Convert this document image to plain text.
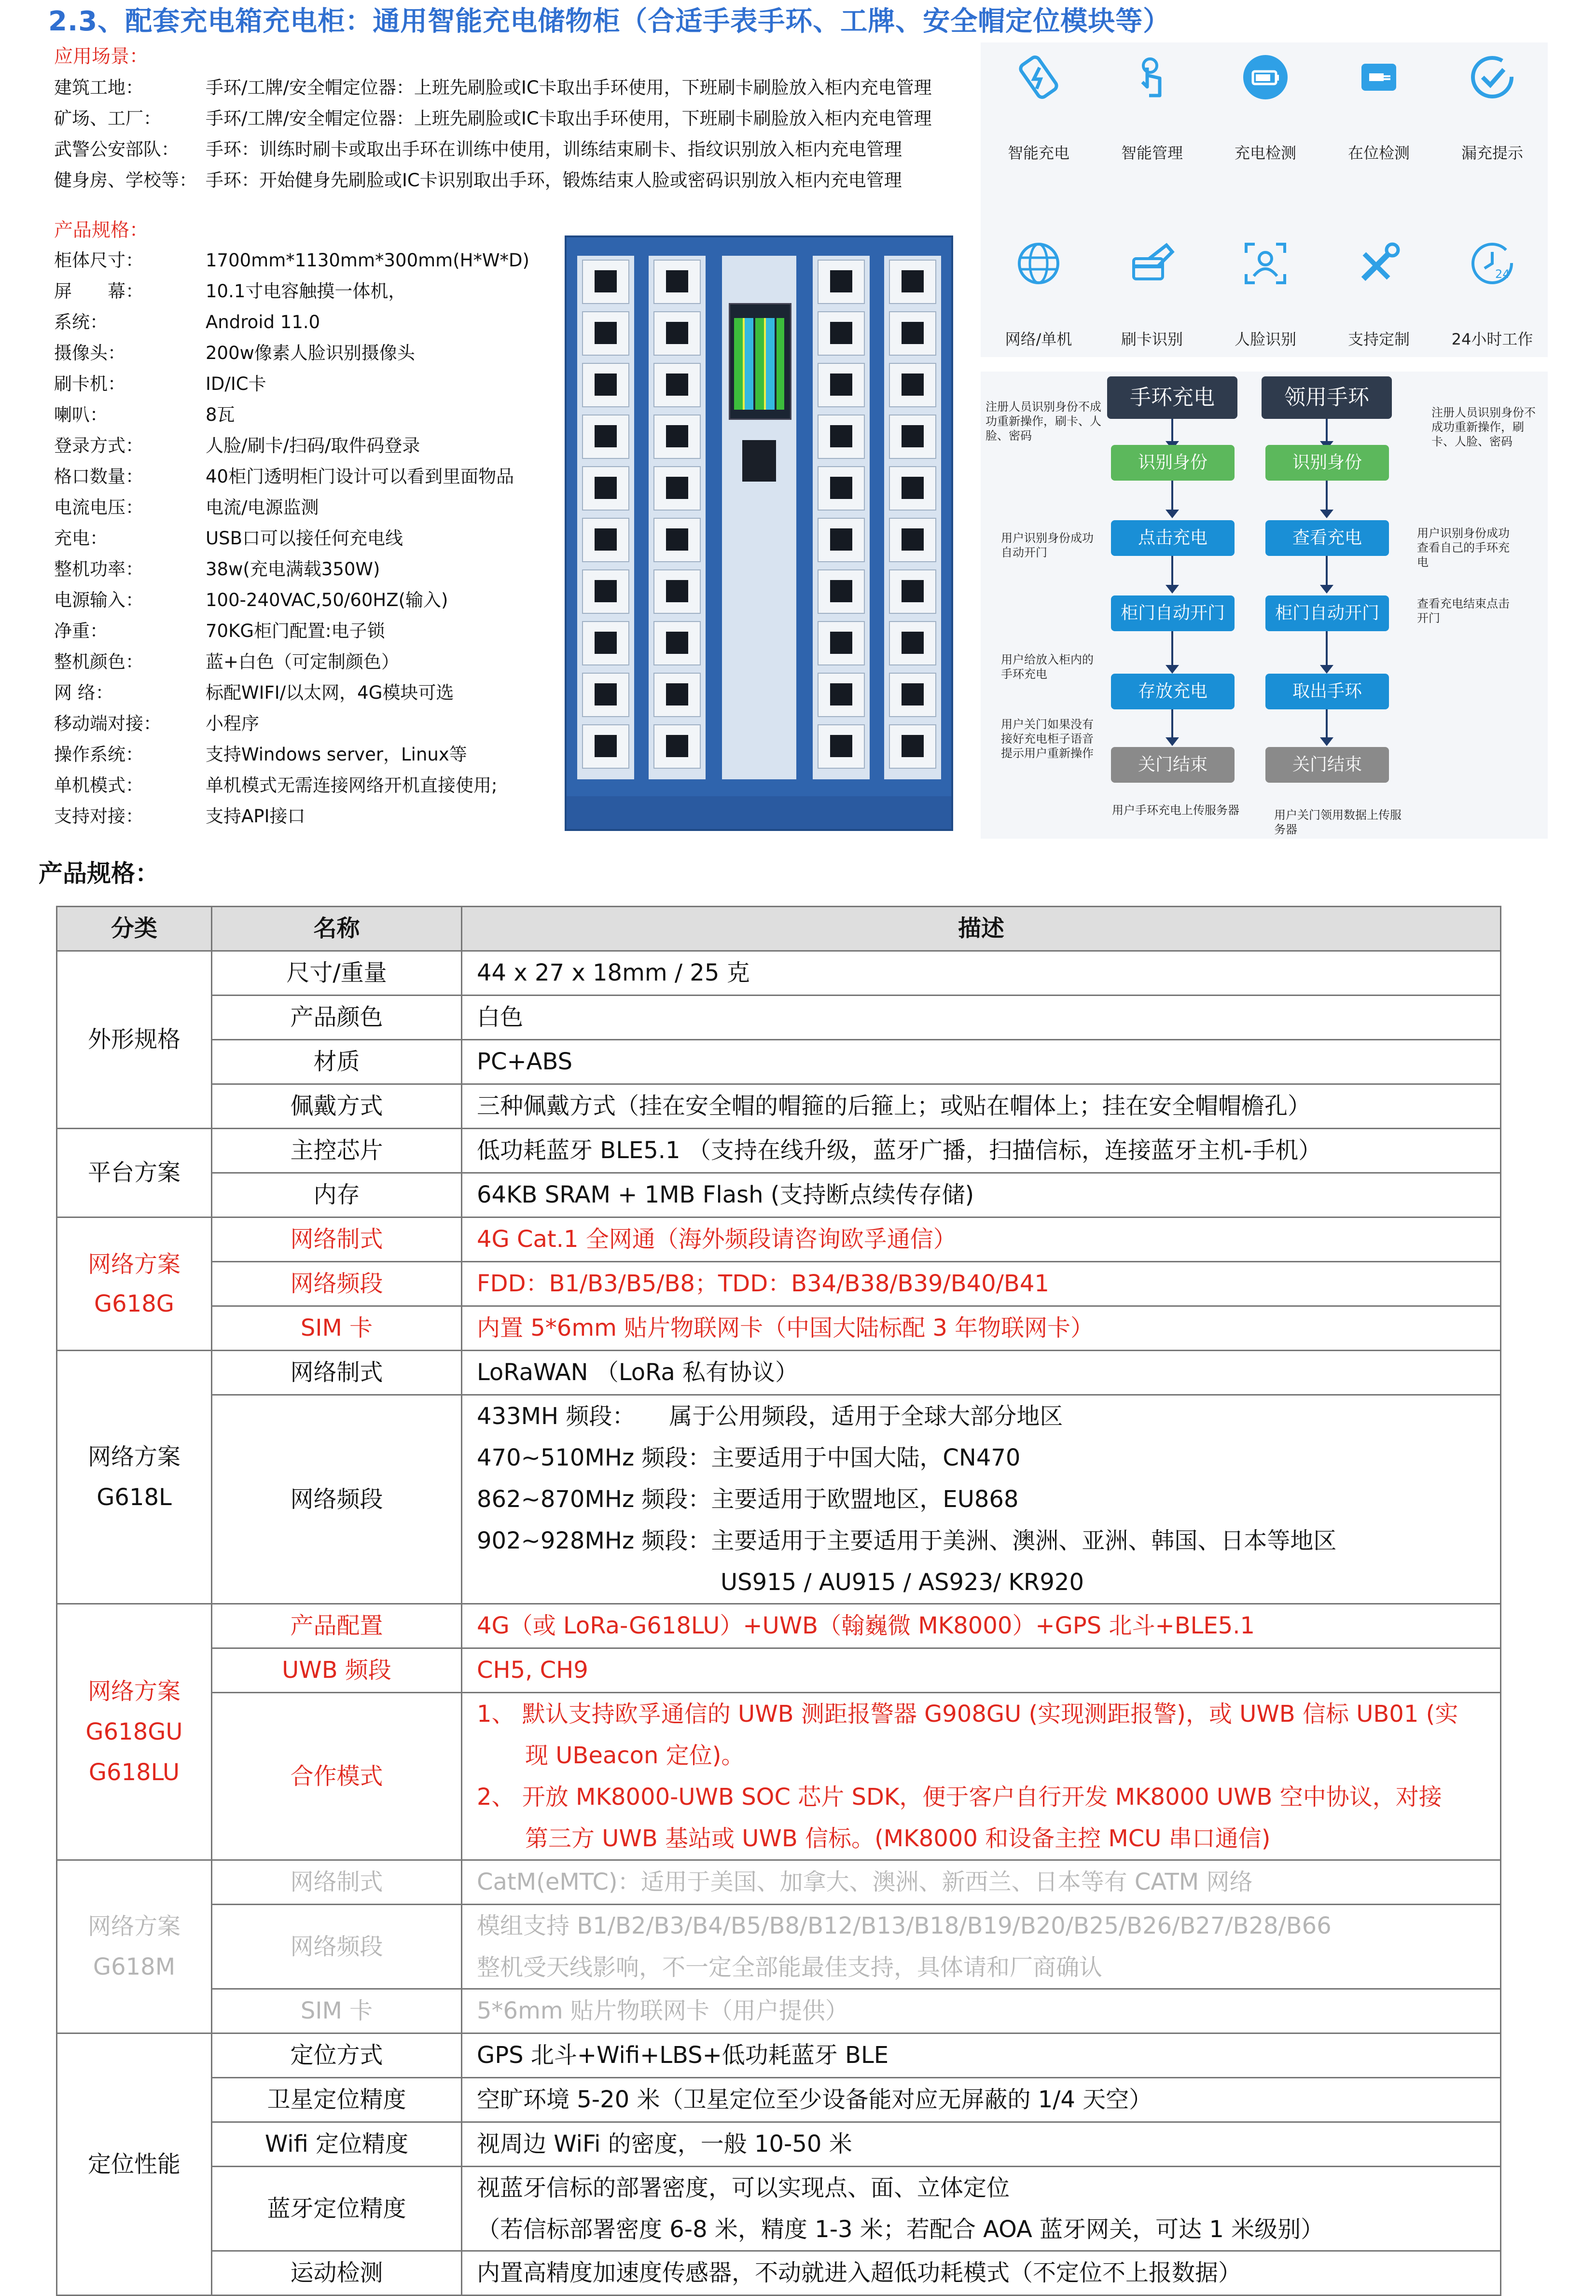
2.3、配套充电箱充电柜：通用智能充电储物柜（合适手表手环、工牌、安全帽定位模块等）
应用场景：
建筑工地：	手环/工牌/安全帽定位器：上班先刷脸或IC卡取出手环使用，下班刷卡刷脸放入柜内充电管理
矿场、工厂： 手环/工牌/安全帽定位器：上班先刷脸或IC卡取出手环使用，下班刷卡刷脸放入柜内充电管理
武警公安部队： 手环：训练时刷卡或取出手环在训练中使用，训练结束刷卡、指纹识别放入柜内充电管理
健身房、学校等： 手环：开始健身先刷脸或IC卡识别取出手环，锻炼结束人脸或密码识别放入柜内充电管理
产品规格：
柜体尺寸：	1700mm*1130mm*300mm(H*W*D)
屏　　幕：	10.1寸电容触摸一体机，
系统：	Android 11.0
摄像头：	200w像素人脸识别摄像头
刷卡机：	ID/IC卡
喇叭：	8瓦
登录方式：	人脸/刷卡/扫码/取件码登录
格口数量：	40柜门透明柜门设计可以看到里面物品
电流电压：	电流/电源监测
充电：	USB口可以接任何充电线
整机功率：	38w(充电满载350W)
电源输入：	100-240VAC,50/60HZ(输入)
净重：	70KG柜门配置:电子锁
整机颜色：	蓝+白色（可定制颜色）
网 络：	标配WIFI/以太网，4G模块可选
移动端对接： 小程序
操作系统：	支持Windows server，Linux等
单机模式：	单机模式无需连接网络开机直接使用;
支持对接：	支持API接口
智能充电	智能管理	充电检测	在位检测	漏充提示
网络/单机	刷卡识别	人脸识别	支持定制
24
24小时工作
手环充电
识别身份
点击充电
柜门自动开门
存放充电
关门结束
注册人员识别身份不成功重新操作，刷卡、人脸、密码
用户识别身份成功自动开门
用户给放入柜内的手环充电
用户关门如果没有接好充电柜子语音提示用户重新操作
用户手环充电上传服务器
领用手环
识别身份
查看充电
柜门自动开门
取出手环
关门结束
注册人员识别身份不成功重新操作，刷卡、人脸、密码
用户识别身份成功查看自己的手环充电
查看充电结束点击开门
用户关门领用数据上传服务器
产品规格：
分类	名称	描述
外形规格	尺寸/重量	44 x 27 x 18mm / 25 克
	产品颜色	白色
	材质	PC+ABS
	佩戴方式	三种佩戴方式（挂在安全帽的帽箍的后箍上；或贴在帽体上；挂在安全帽帽檐孔）
平台方案	主控芯片	低功耗蓝牙 BLE5.1 （支持在线升级，蓝牙广播，扫描信标，连接蓝牙主机-手机）
	内存	64KB SRAM + 1MB Flash (支持断点续传存储)

网络方案
G618G	网络制式	4G Cat.1 全网通（海外频段请咨询欧孚通信）
	网络频段	FDD：B1/B3/B5/B8；TDD：B34/B38/B39/B40/B41
	SIM 卡	内置 5*6mm 贴片物联网卡（中国大陆标配 3 年物联网卡）

网络方案
G618L	网络制式	LoRaWAN （LoRa 私有协议）
	网络频段	433MH 频段： 属于公用频段，适用于全球大部分地区
470~510MHz 频段：主要适用于中国大陆，CN470
862~870MHz 频段：主要适用于欧盟地区，EU868
902~928MHz 频段：主要适用于主要适用于美洲、澳洲、亚洲、韩国、日本等地区
US915 / AU915 / AS923/ KR920

网络方案
G618GU
G618LU	产品配置	4G（或 LoRa-G618LU）+UWB（翰巍微 MK8000）+GPS 北斗+BLE5.1
	UWB 频段	CH5, CH9
	合作模式	1、 默认支持欧孚通信的 UWB 测距报警器 G908GU (实现测距报警)，或 UWB 信标 UB01 (实
现 UBeacon 定位)。
2、 开放 MK8000-UWB SOC 芯片 SDK，便于客户自行开发 MK8000 UWB 空中协议，对接
第三方 UWB 基站或 UWB 信标。(MK8000 和设备主控 MCU 串口通信)

网络方案
G618M	网络制式	CatM(eMTC)：适用于美国、加拿大、澳洲、新西兰、日本等有 CATM 网络
	网络频段	模组支持 B1/B2/B3/B4/B5/B8/B12/B13/B18/B19/B20/B25/B26/B27/B28/B66
整机受天线影响，不一定全部能最佳支持，具体请和厂商确认

	SIM 卡	5*6mm 贴片物联网卡（用户提供）
定位性能	定位方式	GPS 北斗+Wifi+LBS+低功耗蓝牙 BLE
	卫星定位精度	空旷环境 5-20 米（卫星定位至少设备能对应无屏蔽的 1/4 天空）
	Wifi 定位精度	视周边 WiFi 的密度，一般 10-50 米
	蓝牙定位精度	视蓝牙信标的部署密度，可以实现点、面、立体定位
（若信标部署密度 6-8 米，精度 1-3 米；若配合 AOA 蓝牙网关，可达 1 米级别）

	运动检测	内置高精度加速度传感器，不动就进入超低功耗模式（不定位不上报数据）
